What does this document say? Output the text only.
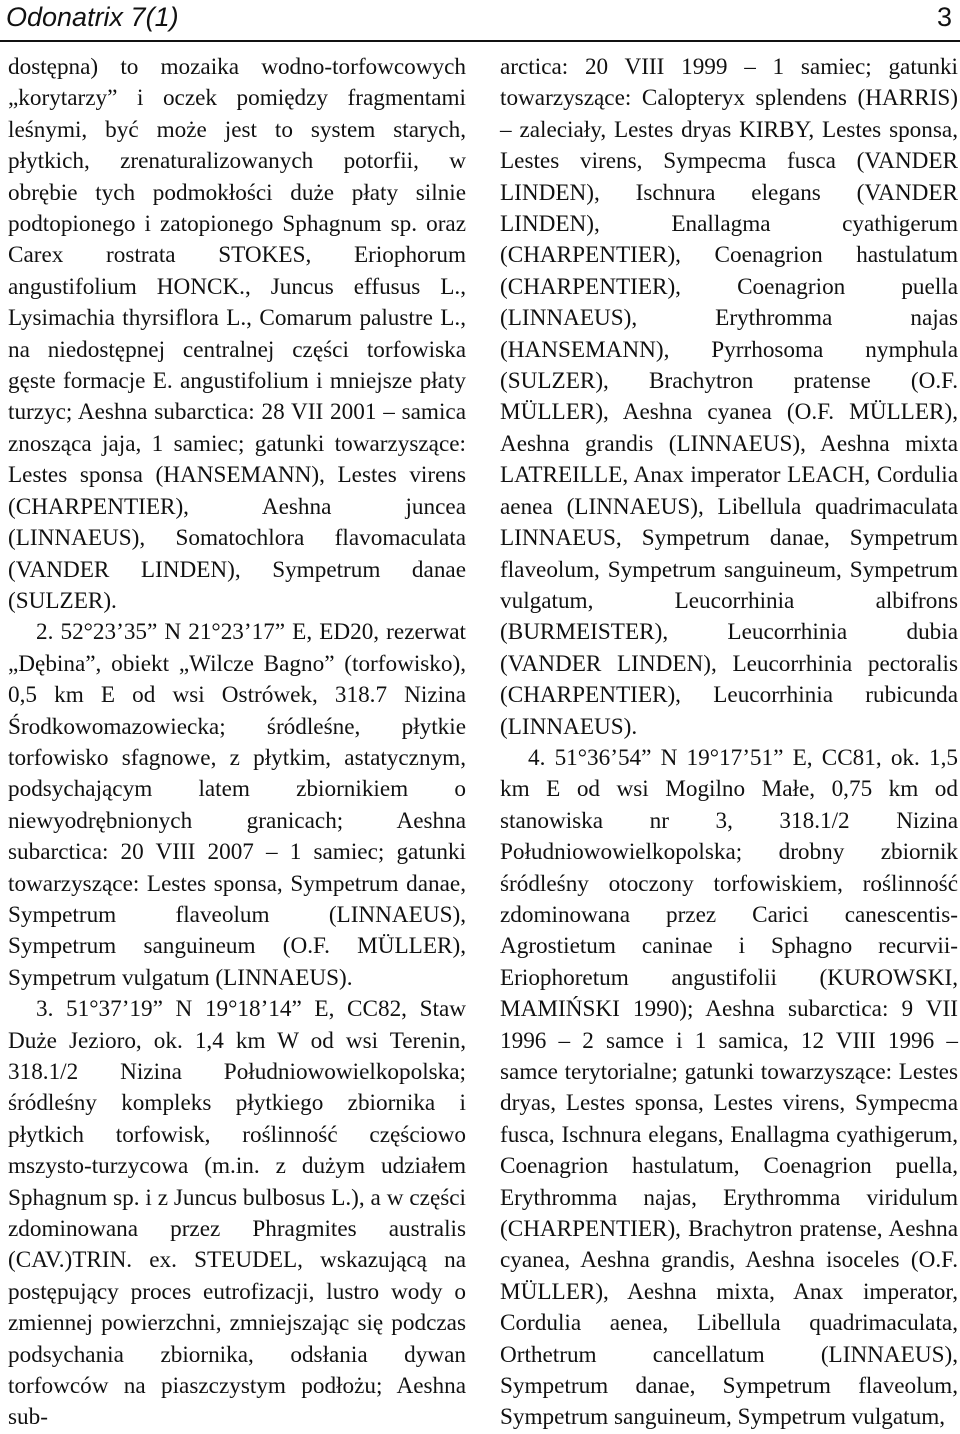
Odonatrix 7(1)	3

dostępna) to mozaika wodno-torfowcowych „korytarzy” i oczek pomiędzy fragmentami leśnymi, być może jest to system starych, płytkich, zrenaturalizowanych potorfii, w obrębie tych podmokłości duże płaty silnie podtopionego i zatopionego Sphagnum sp. oraz Carex rostrata STOKES, Eriophorum angustifolium HONCK., Juncus effusus L., Lysimachia thyrsiflora L., Comarum palustre L., na niedostępnej centralnej części torfowiska gęste formacje E. angustifolium i mniejsze płaty turzyc; Aeshna subarctica: 28 VII 2001 – samica znosząca jaja, 1 samiec; gatunki towarzyszące: Lestes sponsa (HANSEMANN), Lestes virens (CHARPENTIER), Aeshna juncea (LINNAEUS), Somatochlora flavomaculata (VANDER LINDEN), Sympetrum danae (SULZER).

2. 52°23’35” N 21°23’17” E, ED20, rezerwat „Dębina”, obiekt „Wilcze Bagno” (torfowisko), 0,5 km E od wsi Ostrówek, 318.7 Nizina Środkowomazowiecka; śródleśne, płytkie torfowisko sfagnowe, z płytkim, astatycznym, podsychającym latem zbiornikiem o niewyodrębnionych granicach; Aeshna subarctica: 20 VIII 2007 – 1 samiec; gatunki towarzyszące: Lestes sponsa, Sympetrum danae, Sympetrum flaveolum (LINNAEUS), Sympetrum sanguineum (O.F. MÜLLER), Sympetrum vulgatum (LINNAEUS).

3. 51°37’19” N 19°18’14” E, CC82, Staw Duże Jezioro, ok. 1,4 km W od wsi Terenin, 318.1/2 Nizina Południowowielkopolska; śródleśny kompleks płytkiego zbiornika i płytkich torfowisk, roślinność częściowo mszysto-turzycowa (m.in. z dużym udziałem Sphagnum sp. i z Juncus bulbosus L.), a w części zdominowana przez Phragmites australis (CAV.)TRIN. ex. STEUDEL, wskazującą na postępujący proces eutrofizacji, lustro wody o zmiennej powierzchni, zmniejszając się podczas podsychania zbiornika, odsłania dywan torfowców na piaszczystym podłożu; Aeshna sub-

arctica: 20 VIII 1999 – 1 samiec; gatunki towarzyszące: Calopteryx splendens (HARRIS) – zaleciały, Lestes dryas KIRBY, Lestes sponsa, Lestes virens, Sympecma fusca (VANDER LINDEN), Ischnura elegans (VANDER LINDEN), Enallagma cyathigerum (CHARPENTIER), Coenagrion hastulatum (CHARPENTIER), Coenagrion puella (LINNAEUS), Erythromma najas (HANSEMANN), Pyrrhosoma nymphula (SULZER), Brachytron pratense (O.F. MÜLLER), Aeshna cyanea (O.F. MÜLLER), Aeshna grandis (LINNAEUS), Aeshna mixta LATREILLE, Anax imperator LEACH, Cordulia aenea (LINNAEUS), Libellula quadrimaculata LINNAEUS, Sympetrum danae, Sympetrum flaveolum, Sympetrum sanguineum, Sympetrum vulgatum, Leucorrhinia albifrons (BURMEISTER), Leucorrhinia dubia (VANDER LINDEN), Leucorrhinia pectoralis (CHARPENTIER), Leucorrhinia rubicunda (LINNAEUS).

4. 51°36’54” N 19°17’51” E, CC81, ok. 1,5 km E od wsi Mogilno Małe, 0,75 km od stanowiska nr 3, 318.1/2 Nizina Południowowielkopolska; drobny zbiornik śródleśny otoczony torfowiskiem, roślinność zdominowana przez Carici canescentis-Agrostietum caninae i Sphagno recurvii-Eriophoretum angustifolii (KUROWSKI, MAMIŃSKI 1990); Aeshna subarctica: 9 VII 1996 – 2 samce i 1 samica, 12 VIII 1996 – samce terytorialne; gatunki towarzyszące: Lestes dryas, Lestes sponsa, Lestes virens, Sympecma fusca, Ischnura elegans, Enallagma cyathigerum, Coenagrion hastulatum, Coenagrion puella, Erythromma najas, Erythromma viridulum (CHARPENTIER), Brachytron pratense, Aeshna cyanea, Aeshna grandis, Aeshna isoceles (O.F. MÜLLER), Aeshna mixta, Anax imperator, Cordulia aenea, Libellula quadrimaculata, Orthetrum cancellatum (LINNAEUS), Sympetrum danae, Sympetrum flaveolum, Sympetrum sanguineum, Sympetrum vulgatum,
